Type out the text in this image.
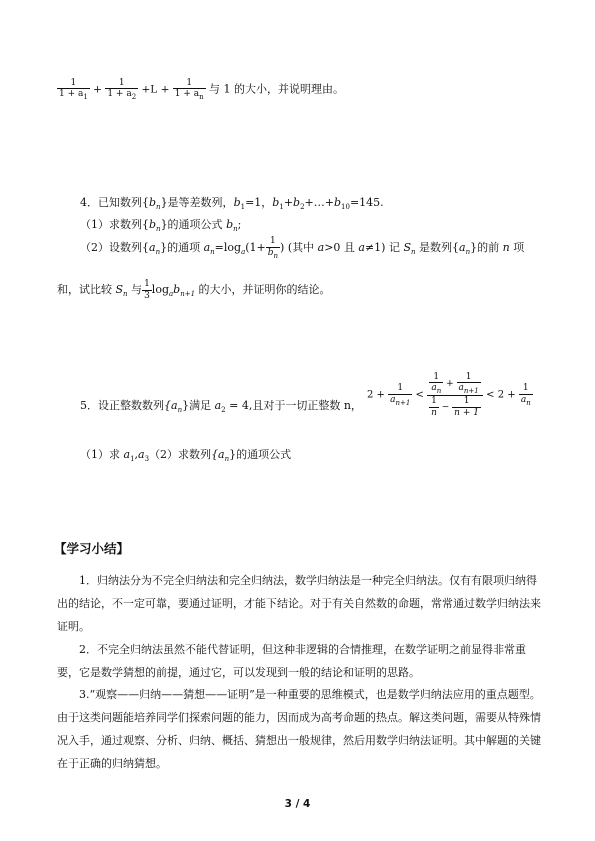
$\frac{1}{1 + a_1} + \frac{1}{1 + a_2} +L + \frac{1}{1 + a_n}$ 与 1 的大小，并说明理由。
4．已知数列$\{b_n\}$是等差数列，$b_1=1$，$b_1+b_2+\dots+b_{10}=145$.
（1）求数列$\{b_n\}$的通项公式 $b_n$;
（2）设数列$\{a_n\}$的通项 $a_n=\log_a(1+ \frac{1}{b_n}$ ) (其中 a>0 且 a≠1) 记 $S_n$ 是数列$\{a_n\}$的前 n 项
和，试比较 $S_n$ 与 $\frac{1}{3} \log_ab_{n+1}$ 的大小，并证明你的结论。
5．设正整数数列$\{a_n\}$满足 $a_2 = 4$,且对于一切正整数 n，
$2 + \frac{1}{a_{n+1}} < \frac{\frac{1}{a_n} + \frac{1}{a_{n+1}}}{\frac{1}{n} - \frac{1}{n + 1}} < 2 + \frac{1}{a_n}$
（1）求 $a_1,a_3(2)$求数列$\{a_n\}$的通项公式
【学习小结】
1．归纳法分为不完全归纳法和完全归纳法，数学归纳法是一种完全归纳法。仅有有限项归纳得出的结论，不一定可靠，要通过证明，才能下结论。对于有关自然数的命题，常常通过数学归纳法来证明。
2．不完全归纳法虽然不能代替证明，但这种非逻辑的合情推理，在数学证明之前显得非常重要，它是数学猜想的前提，通过它，可以发现到一般的结论和证明的思路。
3.“观察——归纳——猜想——证明”是一种重要的思维模式，也是数学归纳法应用的重点题型。由于这类问题能培养同学们探索问题的能力，因而成为高考命题的热点。解这类问题，需要从特殊情况入手，通过观察、分析、归纳、概括、猜想出一般规律，然后用数学归纳法证明。其中解题的关键在于正确的归纳猜想。
3 / 4
